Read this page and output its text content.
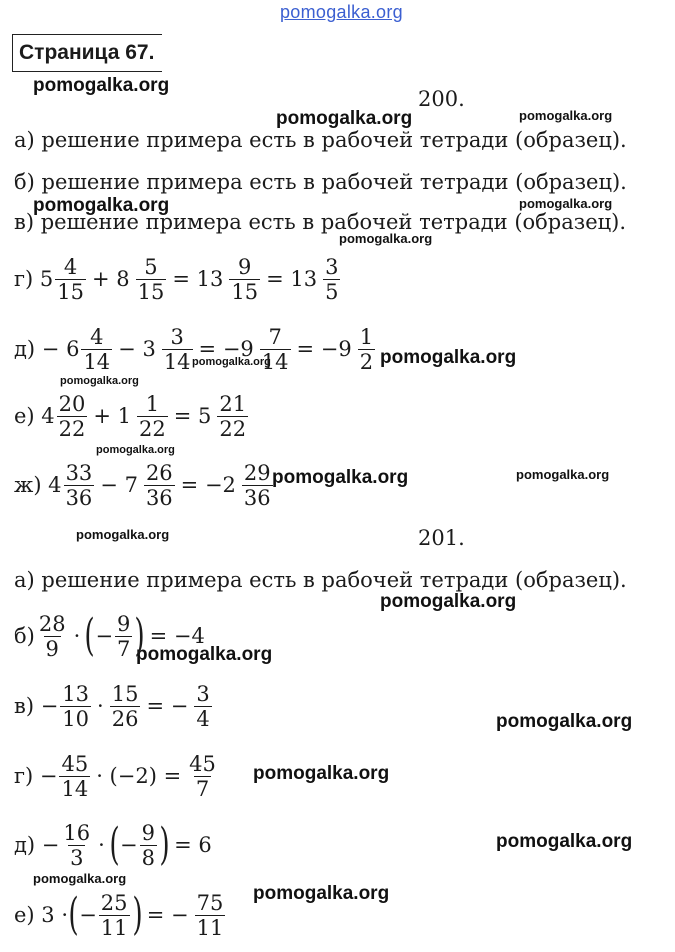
pomogalka.org
pomogalka.org
pomogalka.org	pomogalka.org
pomogalka.org	pomogalka.org
pomogalka.org
pomogalka.org
pomogalka.org
pomogalka.org
pomogalka.org
pomogalka.org	pomogalka.org
pomogalka.org
pomogalka.org
pomogalka.org
pomogalka.org
pomogalka.org
pomogalka.org
pomogalka.org
pomogalka.org
Страница 67.
200.
а) решение примера есть в рабочей тетради (образец).
б) решение примера есть в рабочей тетради (образец).
в) решение примера есть в рабочей тетради (образец).
г) $5 \frac{4}{15} + 8 \frac{5}{15} = 13 \frac{9}{15} = 13 \frac{3}{5}$
$д) - 6 \frac{4}{14} - 3 \frac{3}{14} = -9 \frac{7}{14} = -9 \frac{1}{2}$
е) $4 \frac{20}{22} + 1 \frac{1}{22} = 5 \frac{21}{22}$
ж) $4 \frac{33}{36} - 7 \frac{26}{36} = -2 \frac{29}{36}$
201.
а) решение примера есть в рабочей тетради (образец).
$б) \frac{28}{9}$ · ( − $\frac{9}{7}$ ) = −4
$в) - \frac{13}{10} \cdot \frac{15}{26}$ = − $\frac{3}{4}$
$г) - \frac{45}{14} \cdot (-2) = \frac{45}{7}$
$д) - \frac{16}{3}$ · ( − $\frac{9}{8}$ ) = 6
е) 3 · ( − $\frac{25}{11}$ ) = − $\frac{75}{11}$
